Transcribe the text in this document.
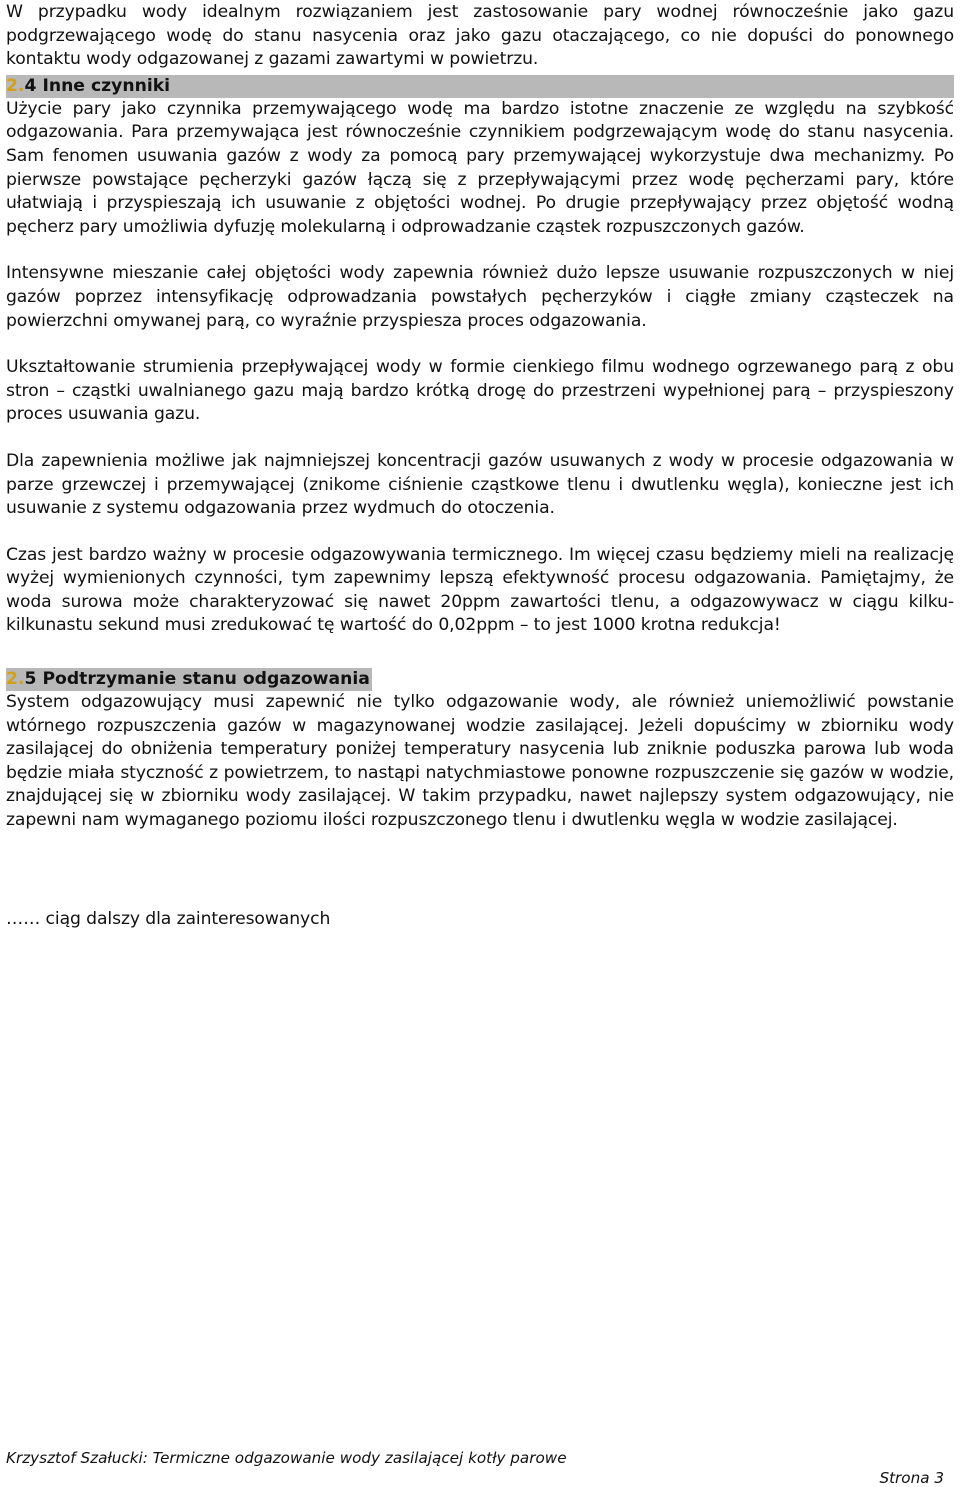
W przypadku wody idealnym rozwiązaniem jest zastosowanie pary wodnej równocześnie jako gazu podgrzewającego wodę do stanu nasycenia oraz jako gazu otaczającego, co nie dopuści do ponownego kontaktu wody odgazowanej z gazami zawartymi w powietrzu.

2.4 Inne czynniki

Użycie pary jako czynnika przemywającego wodę ma bardzo istotne znaczenie ze względu na szybkość odgazowania. Para przemywająca jest równocześnie czynnikiem podgrzewającym wodę do stanu nasycenia. Sam fenomen usuwania gazów z wody za pomocą pary przemywającej wykorzystuje dwa mechanizmy. Po pierwsze powstające pęcherzyki gazów łączą się z przepływającymi przez wodę pęcherzami pary, które ułatwiają i przyspieszają ich usuwanie z objętości wodnej. Po drugie przepływający przez objętość wodną pęcherz pary umożliwia dyfuzję molekularną i odprowadzanie cząstek rozpuszczonych gazów.

Intensywne mieszanie całej objętości wody zapewnia również dużo lepsze usuwanie rozpuszczonych w niej gazów poprzez intensyfikację odprowadzania powstałych pęcherzyków i ciągłe zmiany cząsteczek na powierzchni omywanej parą, co wyraźnie przyspiesza proces odgazowania.

Ukształtowanie strumienia przepływającej wody w formie cienkiego filmu wodnego ogrzewanego parą z obu stron – cząstki uwalnianego gazu mają bardzo krótką drogę do przestrzeni wypełnionej parą – przyspieszony proces usuwania gazu.

Dla zapewnienia możliwe jak najmniejszej koncentracji gazów usuwanych z wody w procesie odgazowania w parze grzewczej i przemywającej (znikome ciśnienie cząstkowe tlenu i dwutlenku węgla), konieczne jest ich usuwanie z systemu odgazowania przez wydmuch do otoczenia.

Czas jest bardzo ważny w procesie odgazowywania termicznego. Im więcej czasu będziemy mieli na realizację wyżej wymienionych czynności, tym zapewnimy lepszą efektywność procesu odgazowania. Pamiętajmy, że woda surowa może charakteryzować się nawet 20ppm zawartości tlenu, a odgazowywacz w ciągu kilku-kilkunastu sekund musi zredukować tę wartość do 0,02ppm – to jest 1000 krotna redukcja!

2.5 Podtrzymanie stanu odgazowania

System odgazowujący musi zapewnić nie tylko odgazowanie wody, ale również uniemożliwić powstanie wtórnego rozpuszczenia gazów w magazynowanej wodzie zasilającej. Jeżeli dopuścimy w zbiorniku wody zasilającej do obniżenia temperatury poniżej temperatury nasycenia lub zniknie poduszka parowa lub woda będzie miała styczność z powietrzem, to nastąpi natychmiastowe ponowne rozpuszczenie się gazów w wodzie, znajdującej się w zbiorniku wody zasilającej. W takim przypadku, nawet najlepszy system odgazowujący, nie zapewni nam wymaganego poziomu ilości rozpuszczonego tlenu i dwutlenku węgla w wodzie zasilającej.

…… ciąg dalszy dla zainteresowanych

Krzysztof Szałucki: Termiczne odgazowanie wody zasilającej kotły parowe
Strona 3
